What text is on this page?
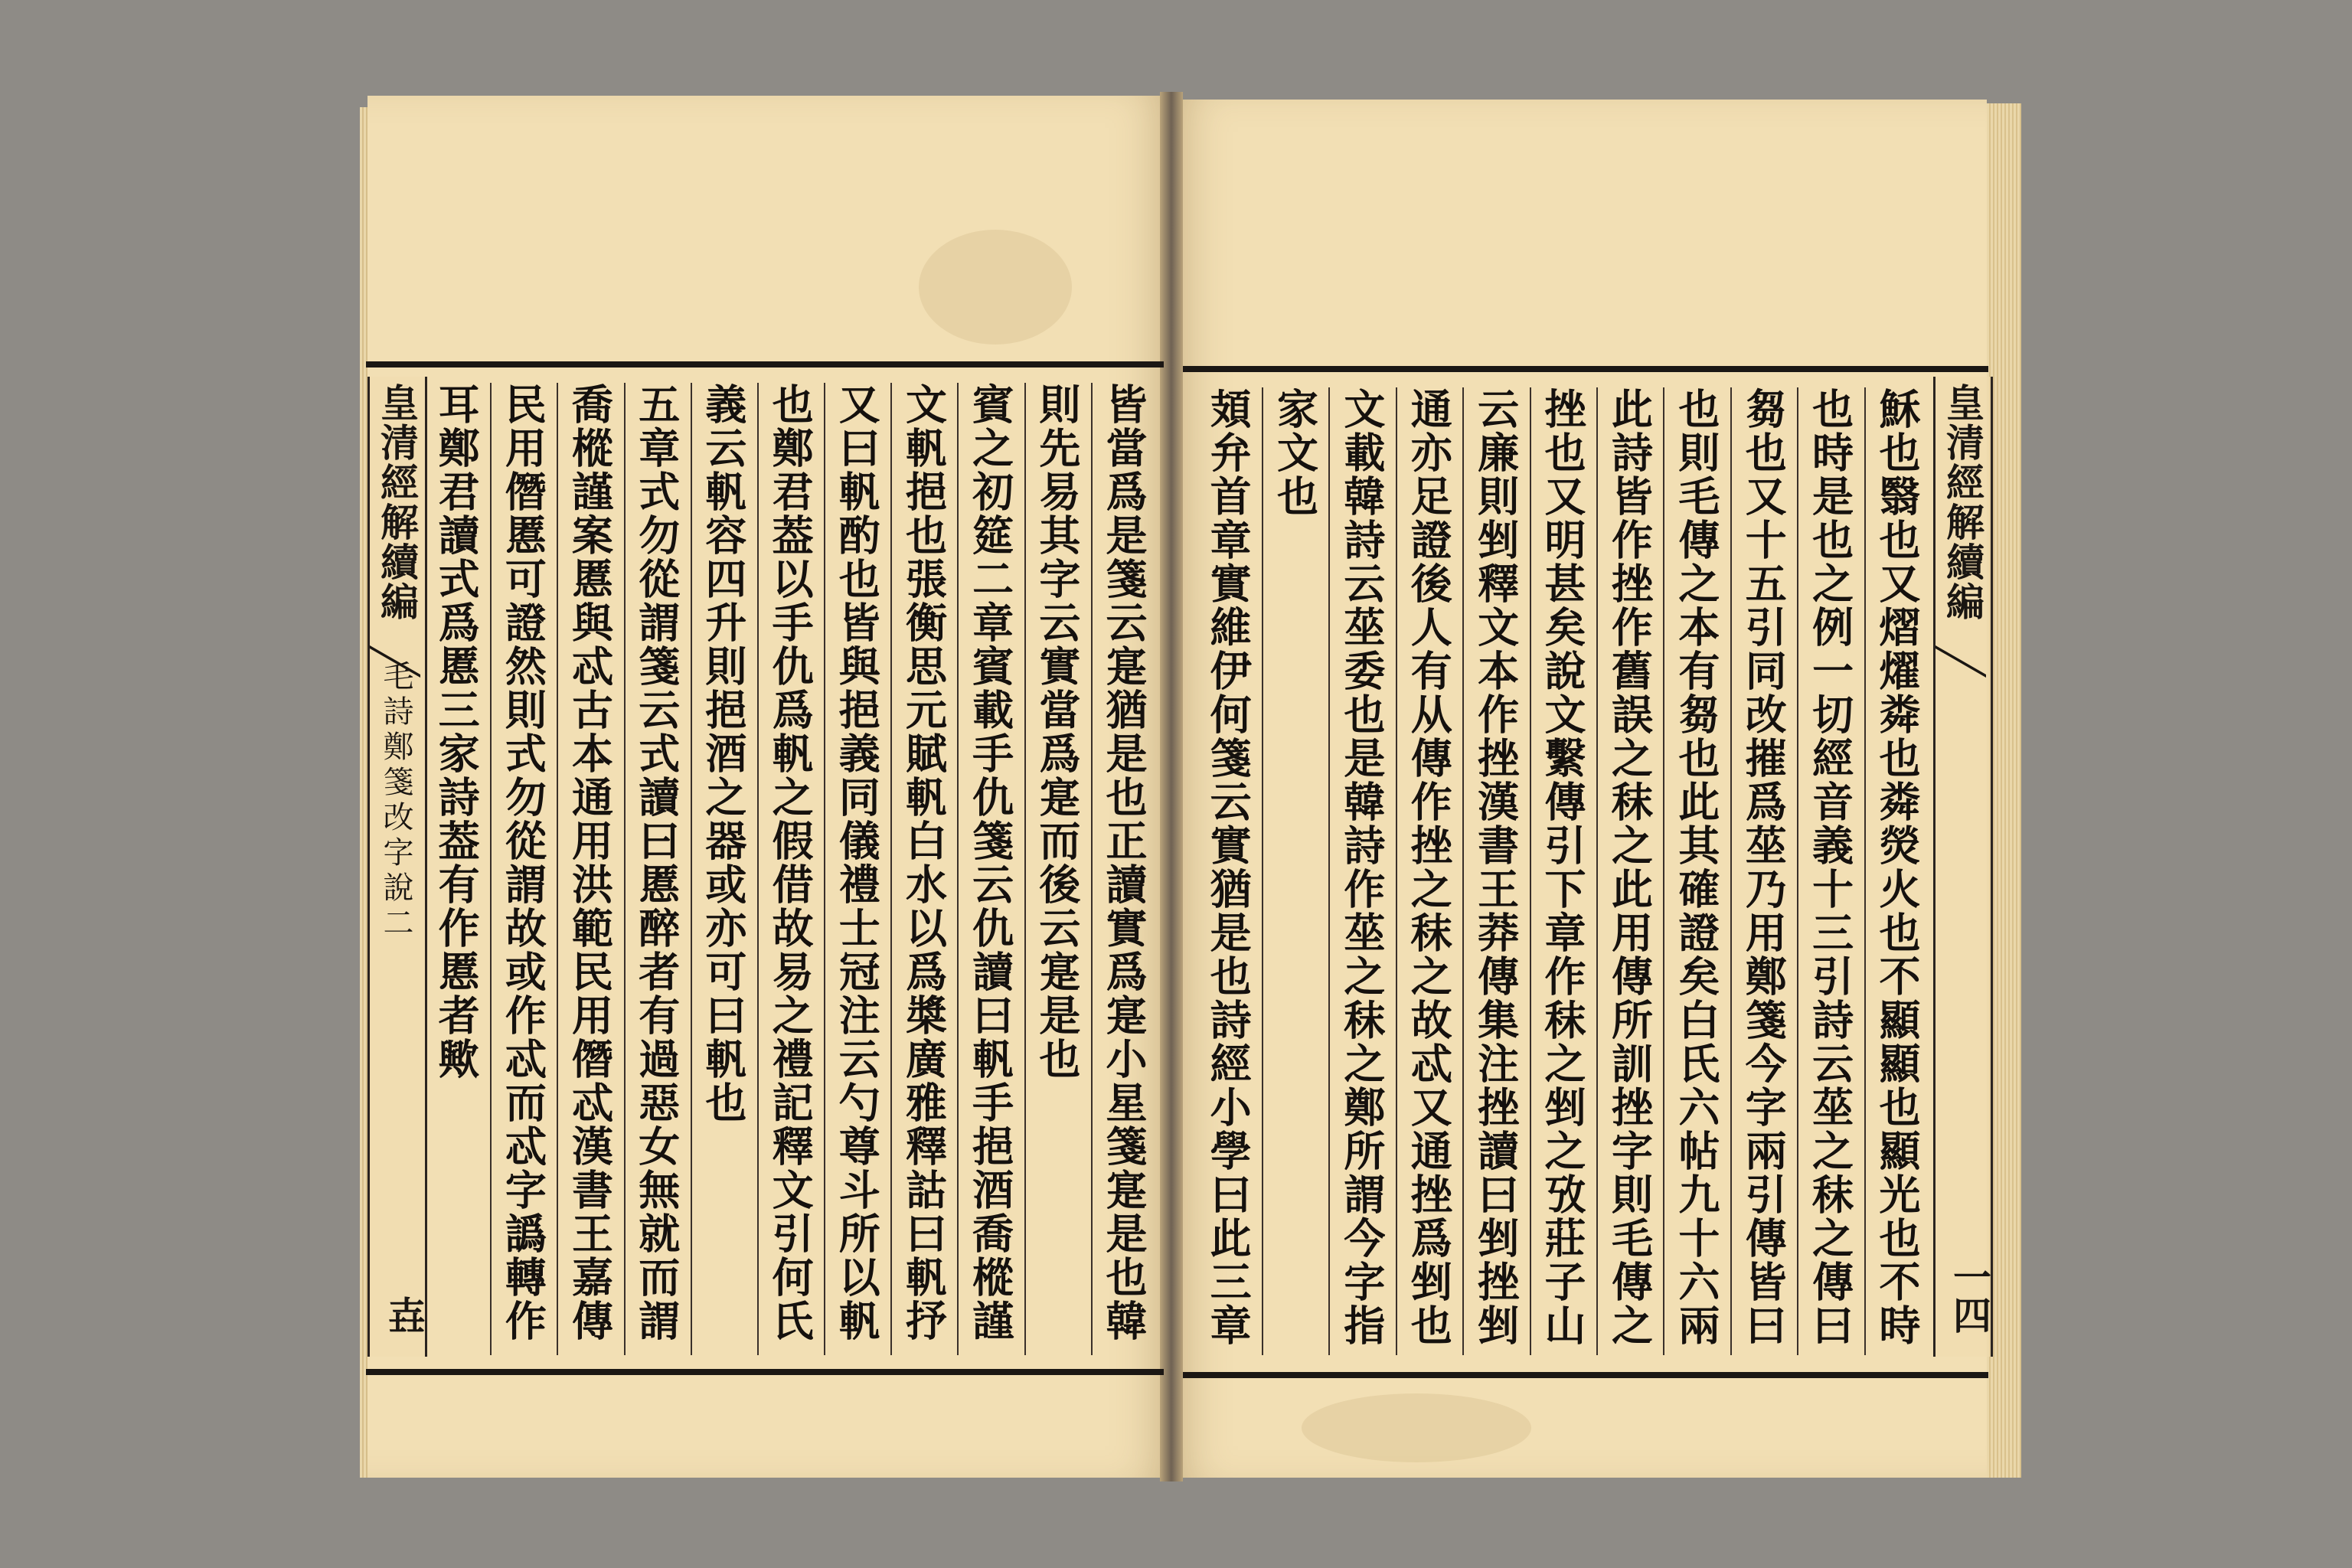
皇清經解續編
毛詩鄭箋改字說二
壵
皇清經解續編
一四
皆當爲是箋云寔猶是也正讀實爲寔小星箋寔是也韓
則先易其字云實當爲寔而後云寔是也
賓之初筵二章賓載手仇箋云仇讀曰軓手挹酒喬樅謹
文軓挹也張衡思元賦軓白水以爲槳廣雅釋詁曰軓抒
又曰軓酌也皆與挹義同儀禮士冠注云勺尊斗所以軓
也鄭君葢以手仇爲軓之假借故易之禮記釋文引何氏
義云軓容四升則挹酒之器或亦可曰軓也
五章式勿從謂箋云式讀曰慝醉者有過惡女無就而謂
喬樅謹案慝與忒古本通用洪範民用僭忒漢書王嘉傳
民用僭慝可證然則式勿從謂故或作忒而忒字譌轉作
耳鄭君讀式爲慝三家詩葢有作慝者歟	穌也翳也又熠燿粦也粦熒火也不顯顯也顯光也不時
也時是也之例一切經音義十三引詩云莝之秣之傳曰
芻也又十五引同改摧爲莝乃用鄭箋今字兩引傳皆曰
也則毛傳之本有芻也此其確證矣白氏六帖九十六兩
此詩皆作挫作舊誤之秣之此用傳所訓挫字則毛傳之
挫也又明甚矣說文繫傳引下章作秣之剉之攷莊子山
云廉則剉釋文本作挫漢書王莽傳集注挫讀曰剉挫剉
通亦足證後人有从傳作挫之秣之故忒又通挫爲剉也
文載韓詩云莝委也是韓詩作莝之秣之鄭所謂今字指
家文也
頍弁首章實維伊何箋云實猶是也詩經小學曰此三章
